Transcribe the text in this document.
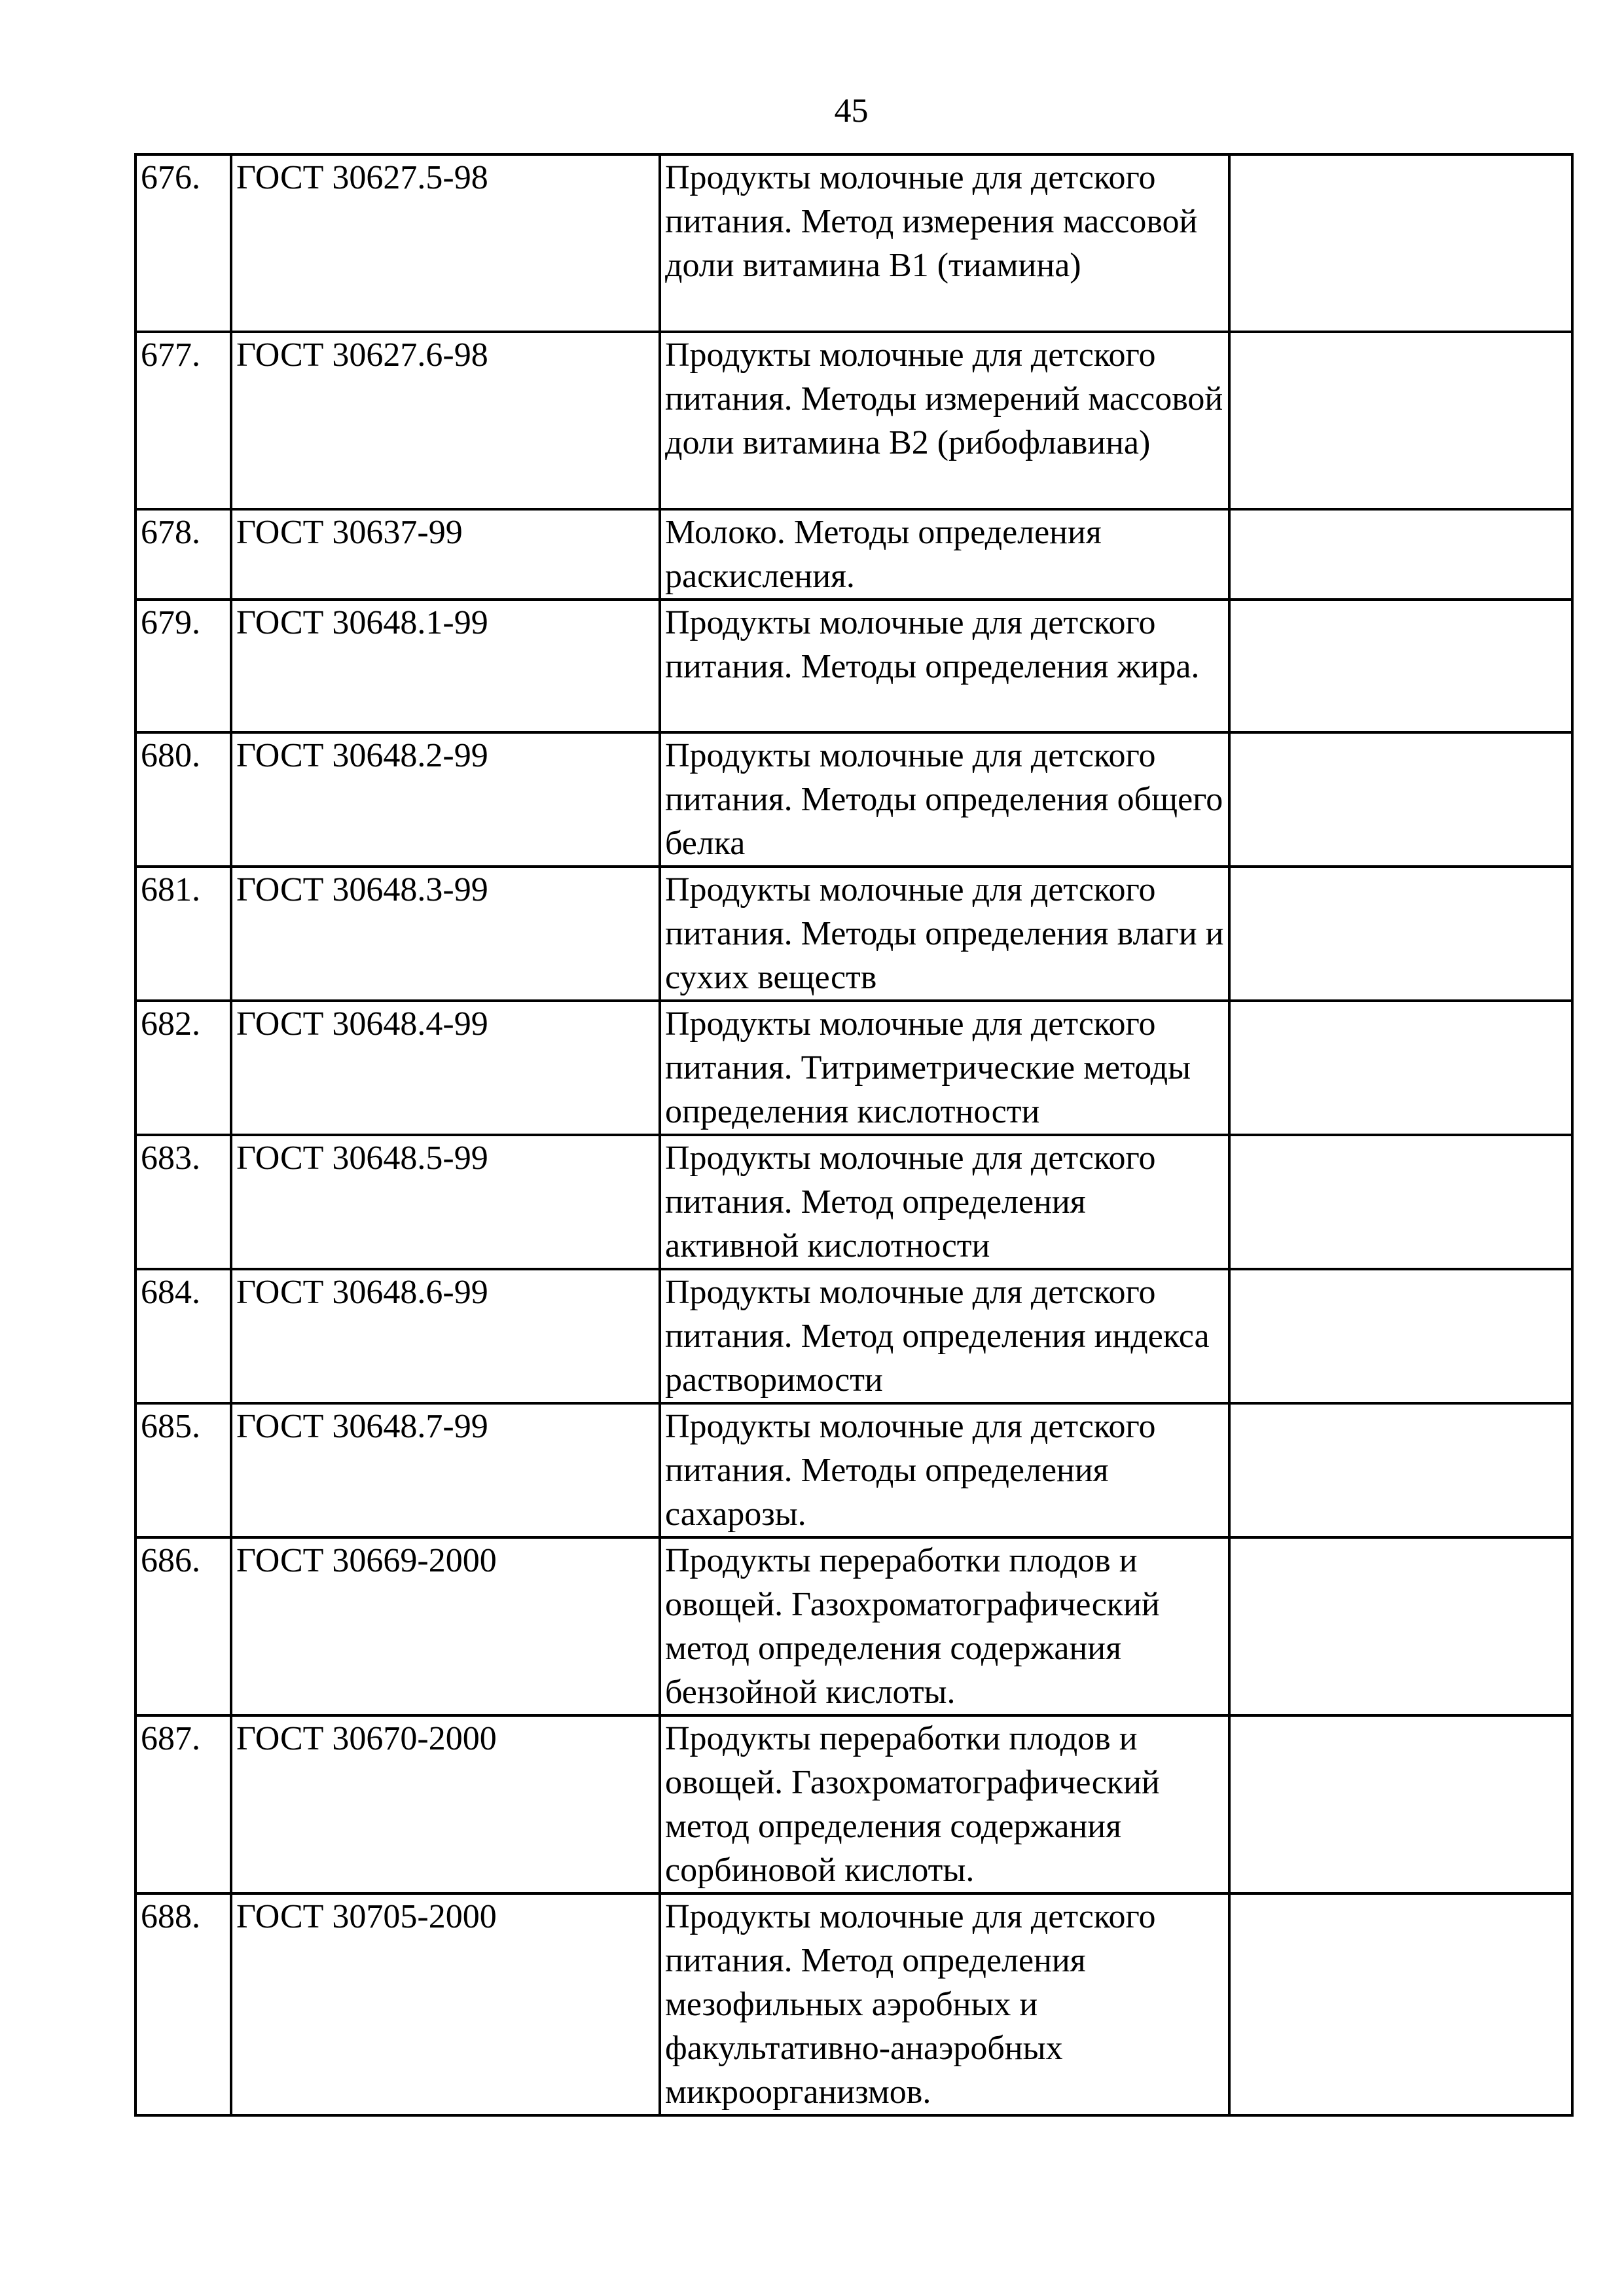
45
676.	ГОСТ 30627.5-98	Продукты молочные для детского питания. Метод измерения массовой доли витамина В1 (тиамина)	
677.	ГОСТ 30627.6-98	Продукты молочные для детского питания. Методы измерений массовой доли витамина В2 (рибофлавина)	
678.	ГОСТ 30637-99	Молоко. Методы определения раскисления.	
679.	ГОСТ 30648.1-99	Продукты молочные для детского питания. Методы определения жира.	
680.	ГОСТ 30648.2-99	Продукты молочные для детского питания. Методы определения общего белка	
681.	ГОСТ 30648.3-99	Продукты молочные для детского питания. Методы определения влаги и сухих веществ	
682.	ГОСТ 30648.4-99	Продукты молочные для детского питания. Титриметрические методы определения кислотности	
683.	ГОСТ 30648.5-99	Продукты молочные для детского питания. Метод определения активной кислотности	
684.	ГОСТ 30648.6-99	Продукты молочные для детского питания. Метод определения индекса растворимости	
685.	ГОСТ 30648.7-99	Продукты молочные для детского питания. Методы определения сахарозы.	
686.	ГОСТ 30669-2000	Продукты переработки плодов и овощей. Газохроматографический метод определения содержания бензойной кислоты.	
687.	ГОСТ 30670-2000	Продукты переработки плодов и овощей. Газохроматографический метод определения содержания сорбиновой кислоты.	
688.	ГОСТ 30705-2000	Продукты молочные для детского питания. Метод определения мезофильных аэробных и факультативно-анаэробных микроорганизмов.	
